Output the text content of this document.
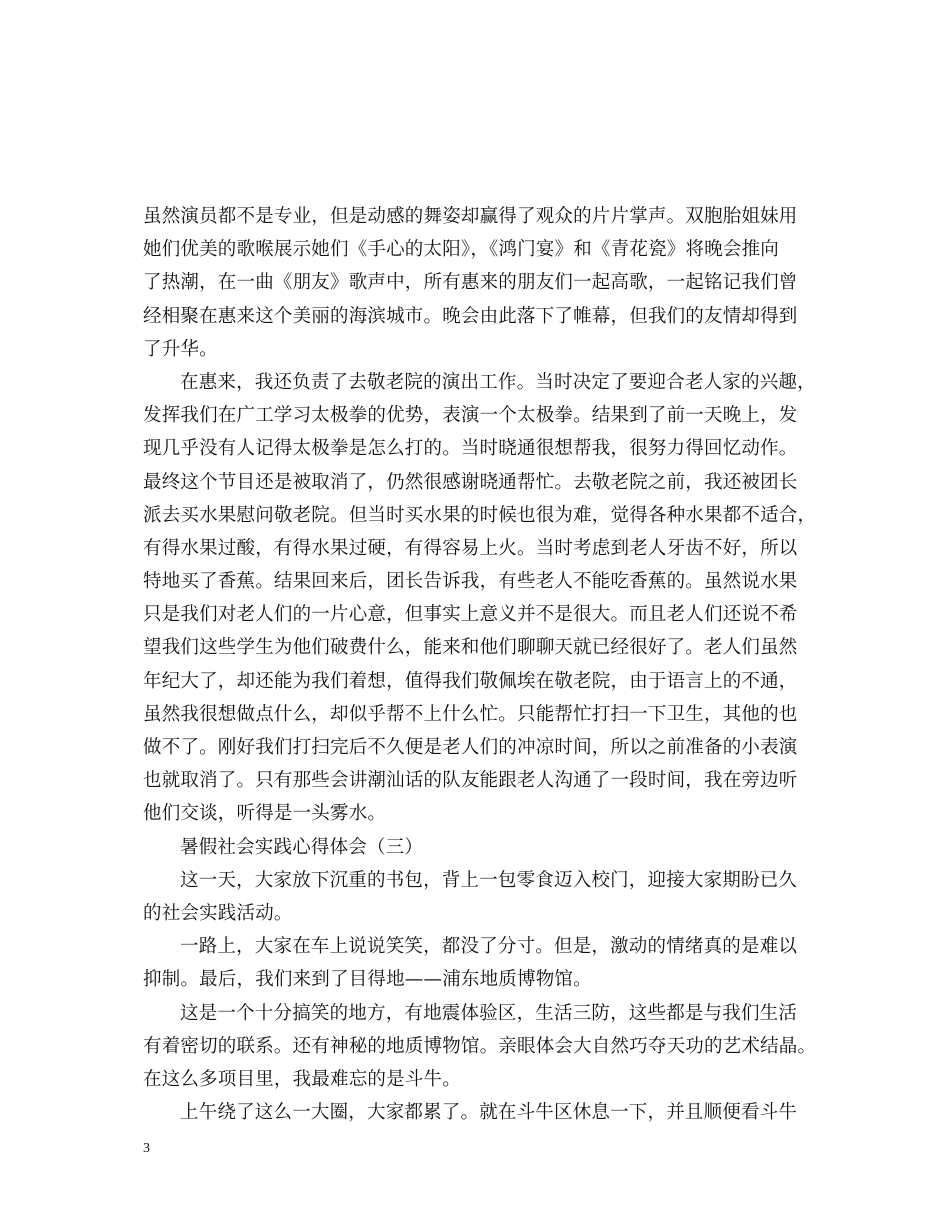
虽然演员都不是专业，但是动感的舞姿却赢得了观众的片片掌声。双胞胎姐妹用
她们优美的歌喉展示她们《手心的太阳》，《鸿门宴》和《青花瓷》将晚会推向
了热潮，在一曲《朋友》歌声中，所有惠来的朋友们一起高歌，一起铭记我们曾
经相聚在惠来这个美丽的海滨城市。晚会由此落下了帷幕，但我们的友情却得到
了升华。
在惠来，我还负责了去敬老院的演出工作。当时决定了要迎合老人家的兴趣，
发挥我们在广工学习太极拳的优势，表演一个太极拳。结果到了前一天晚上，发
现几乎没有人记得太极拳是怎么打的。当时晓通很想帮我，很努力得回忆动作。
最终这个节目还是被取消了，仍然很感谢晓通帮忙。去敬老院之前，我还被团长
派去买水果慰问敬老院。但当时买水果的时候也很为难，觉得各种水果都不适合，
有得水果过酸，有得水果过硬，有得容易上火。当时考虑到老人牙齿不好，所以
特地买了香蕉。结果回来后，团长告诉我，有些老人不能吃香蕉的。虽然说水果
只是我们对老人们的一片心意，但事实上意义并不是很大。而且老人们还说不希
望我们这些学生为他们破费什么，能来和他们聊聊天就已经很好了。老人们虽然
年纪大了，却还能为我们着想，值得我们敬佩埃在敬老院，由于语言上的不通，
虽然我很想做点什么，却似乎帮不上什么忙。只能帮忙打扫一下卫生，其他的也
做不了。刚好我们打扫完后不久便是老人们的冲凉时间，所以之前准备的小表演
也就取消了。只有那些会讲潮汕话的队友能跟老人沟通了一段时间，我在旁边听
他们交谈，听得是一头雾水。
暑假社会实践心得体会（三）
这一天，大家放下沉重的书包，背上一包零食迈入校门，迎接大家期盼已久
的社会实践活动。
一路上，大家在车上说说笑笑，都没了分寸。但是，激动的情绪真的是难以
抑制。最后，我们来到了目得地——浦东地质博物馆。
这是一个十分搞笑的地方，有地震体验区，生活三防，这些都是与我们生活
有着密切的联系。还有神秘的地质博物馆。亲眼体会大自然巧夺天功的艺术结晶。
在这么多项目里，我最难忘的是斗牛。
上午绕了这么一大圈，大家都累了。就在斗牛区休息一下，并且顺便看斗牛
3
